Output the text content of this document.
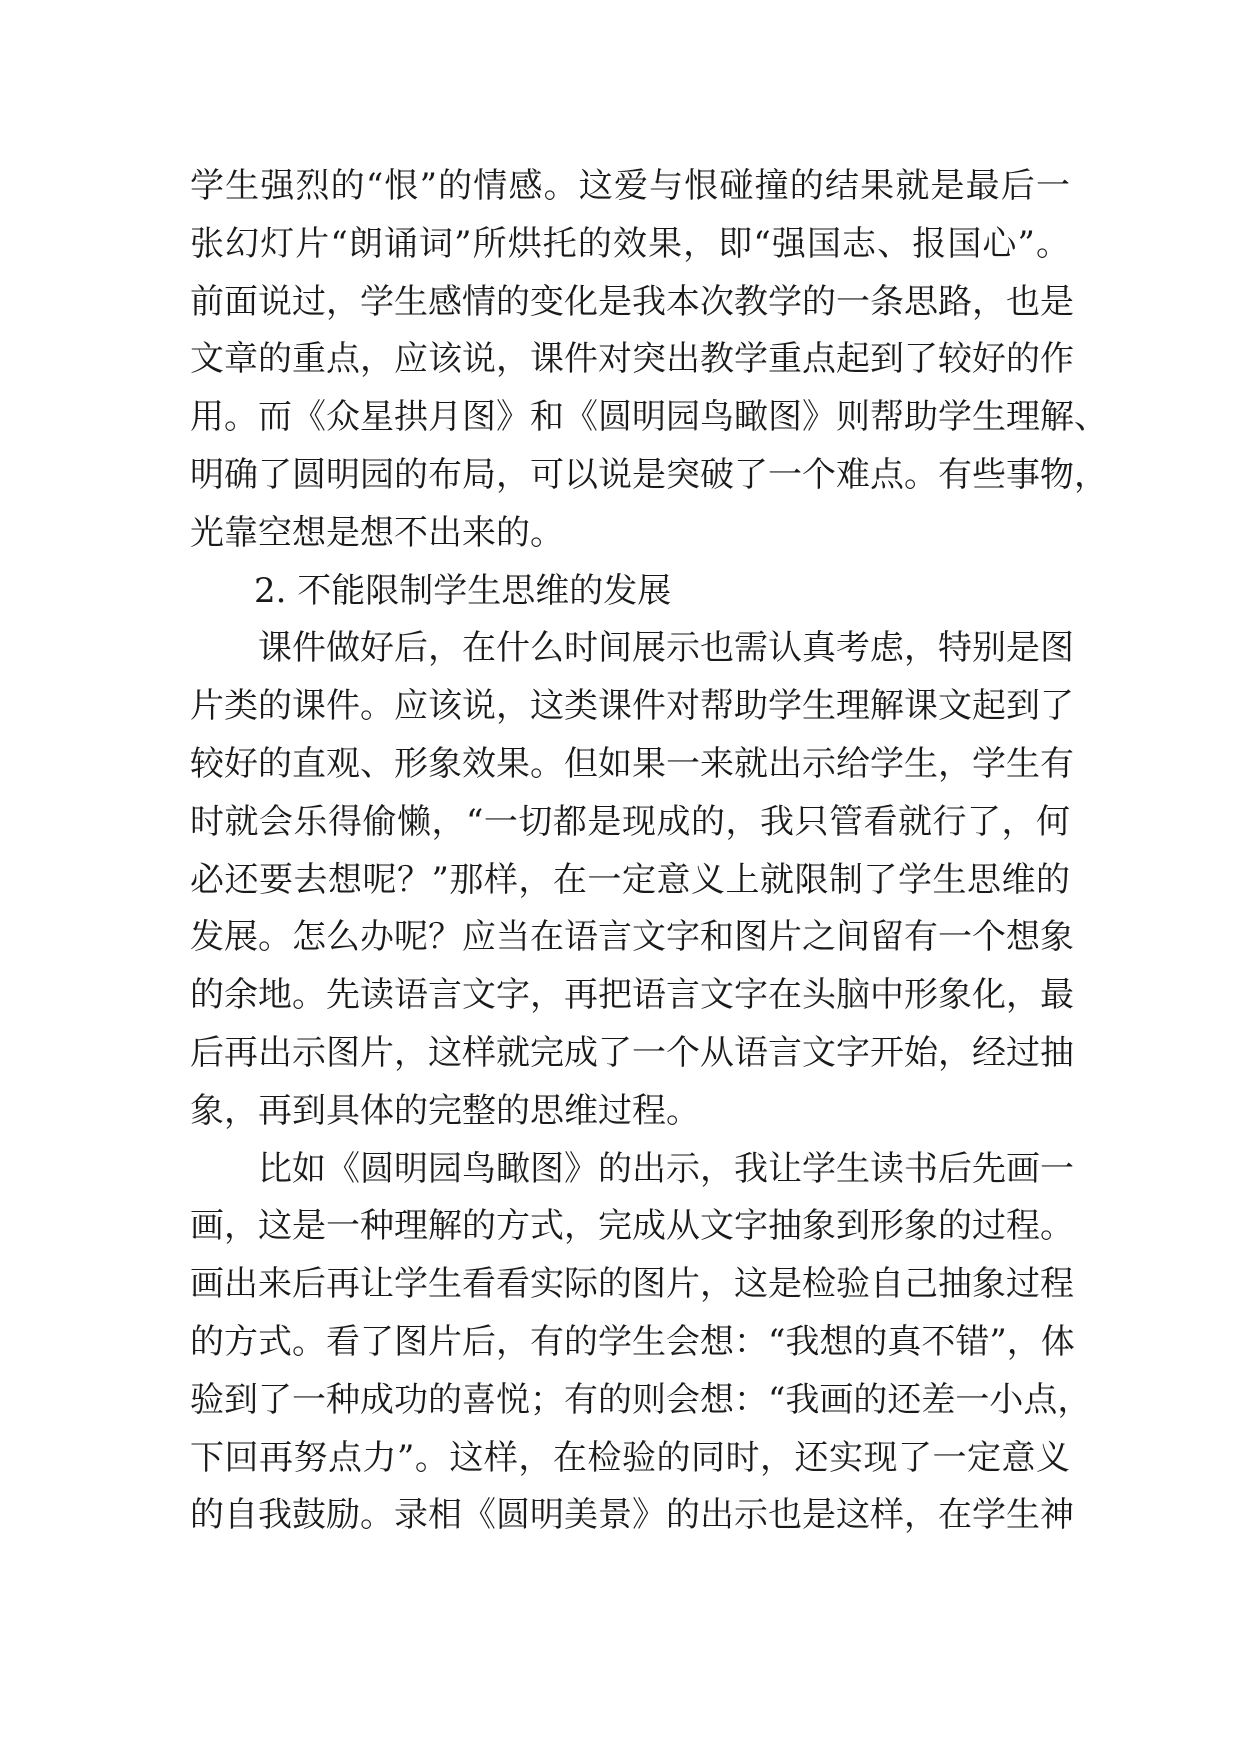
学生强烈的“恨”的情感。这爱与恨碰撞的结果就是最后一
张幻灯片“朗诵词”所烘托的效果，即“强国志、报国心”。
前面说过，学生感情的变化是我本次教学的一条思路，也是
文章的重点，应该说，课件对突出教学重点起到了较好的作
用。而《众星拱月图》和《圆明园鸟瞰图》则帮助学生理解、
明确了圆明园的布局，可以说是突破了一个难点。有些事物，
光靠空想是想不出来的。
2. 不能限制学生思维的发展
课件做好后，在什么时间展示也需认真考虑，特别是图
片类的课件。应该说，这类课件对帮助学生理解课文起到了
较好的直观、形象效果。但如果一来就出示给学生，学生有
时就会乐得偷懒，“一切都是现成的，我只管看就行了，何
必还要去想呢？”那样，在一定意义上就限制了学生思维的
发展。怎么办呢？应当在语言文字和图片之间留有一个想象
的余地。先读语言文字，再把语言文字在头脑中形象化，最
后再出示图片，这样就完成了一个从语言文字开始，经过抽
象，再到具体的完整的思维过程。
比如《圆明园鸟瞰图》的出示，我让学生读书后先画一
画，这是一种理解的方式，完成从文字抽象到形象的过程。
画出来后再让学生看看实际的图片，这是检验自己抽象过程
的方式。看了图片后，有的学生会想：“我想的真不错”，体
验到了一种成功的喜悦；有的则会想：“我画的还差一小点，
下回再努点力”。这样，在检验的同时，还实现了一定意义
的自我鼓励。录相《圆明美景》的出示也是这样，在学生神
